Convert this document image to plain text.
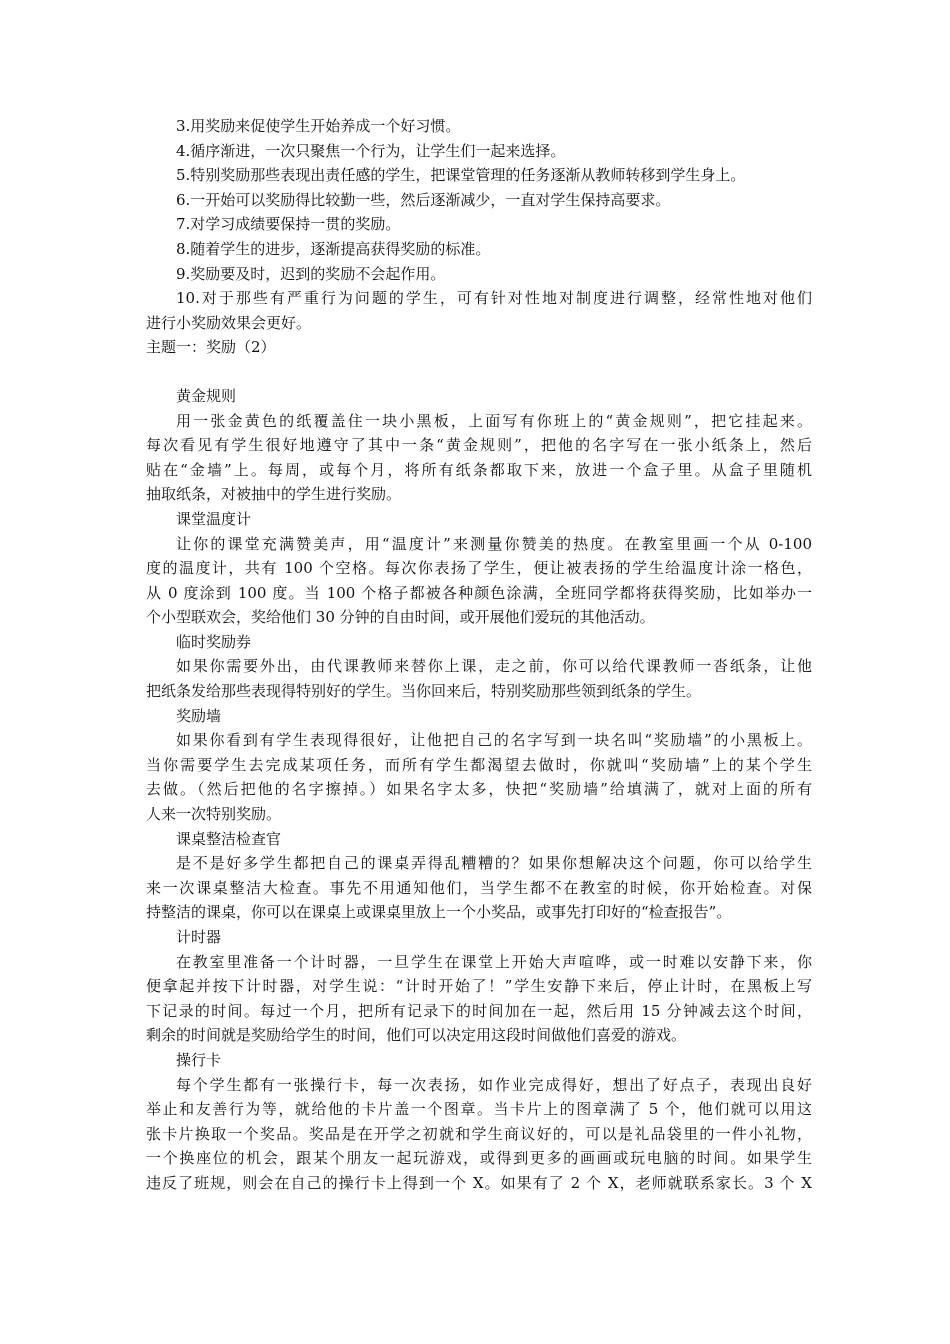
3.用奖励来促使学生开始养成一个好习惯。
4.循序渐进，一次只聚焦一个行为，让学生们一起来选择。
5.特别奖励那些表现出责任感的学生，把课堂管理的任务逐渐从教师转移到学生身上。
6.一开始可以奖励得比较勤一些，然后逐渐减少，一直对学生保持高要求。
7.对学习成绩要保持一贯的奖励。
8.随着学生的进步，逐渐提高获得奖励的标准。
9.奖励要及时，迟到的奖励不会起作用。
10.对于那些有严重行为问题的学生，可有针对性地对制度进行调整，经常性地对他们
进行小奖励效果会更好。
主题一：奖励（2）
黄金规则
用一张金黄色的纸覆盖住一块小黑板，上面写有你班上的“黄金规则”，把它挂起来。
每次看见有学生很好地遵守了其中一条“黄金规则”，把他的名字写在一张小纸条上，然后
贴在“金墙”上。每周，或每个月，将所有纸条都取下来，放进一个盒子里。从盒子里随机
抽取纸条，对被抽中的学生进行奖励。
课堂温度计
让你的课堂充满赞美声，用“温度计”来测量你赞美的热度。在教室里画一个从 0-100
度的温度计，共有 100 个空格。每次你表扬了学生，便让被表扬的学生给温度计涂一格色，
从 0 度涂到 100 度。当 100 个格子都被各种颜色涂满，全班同学都将获得奖励，比如举办一
个小型联欢会，奖给他们 30 分钟的自由时间，或开展他们爱玩的其他活动。
临时奖励券
如果你需要外出，由代课教师来替你上课，走之前，你可以给代课教师一沓纸条，让他
把纸条发给那些表现得特别好的学生。当你回来后，特别奖励那些领到纸条的学生。
奖励墙
如果你看到有学生表现得很好，让他把自己的名字写到一块名叫“奖励墙”的小黑板上。
当你需要学生去完成某项任务，而所有学生都渴望去做时，你就叫“奖励墙”上的某个学生
去做。（然后把他的名字擦掉。）如果名字太多，快把“奖励墙”给填满了，就对上面的所有
人来一次特别奖励。
课桌整洁检查官
是不是好多学生都把自己的课桌弄得乱糟糟的？如果你想解决这个问题，你可以给学生
来一次课桌整洁大检查。事先不用通知他们，当学生都不在教室的时候，你开始检查。对保
持整洁的课桌，你可以在课桌上或课桌里放上一个小奖品，或事先打印好的“检查报告”。
计时器
在教室里准备一个计时器，一旦学生在课堂上开始大声喧哗，或一时难以安静下来，你
便拿起并按下计时器，对学生说：“计时开始了！”学生安静下来后，停止计时，在黑板上写
下记录的时间。每过一个月，把所有记录下的时间加在一起，然后用 15 分钟减去这个时间，
剩余的时间就是奖励给学生的时间，他们可以决定用这段时间做他们喜爱的游戏。
操行卡
每个学生都有一张操行卡，每一次表扬，如作业完成得好，想出了好点子，表现出良好
举止和友善行为等，就给他的卡片盖一个图章。当卡片上的图章满了 5 个，他们就可以用这
张卡片换取一个奖品。奖品是在开学之初就和学生商议好的，可以是礼品袋里的一件小礼物，
一个换座位的机会，跟某个朋友一起玩游戏，或得到更多的画画或玩电脑的时间。如果学生
违反了班规，则会在自己的操行卡上得到一个 X。如果有了 2 个 X，老师就联系家长。3 个 X
